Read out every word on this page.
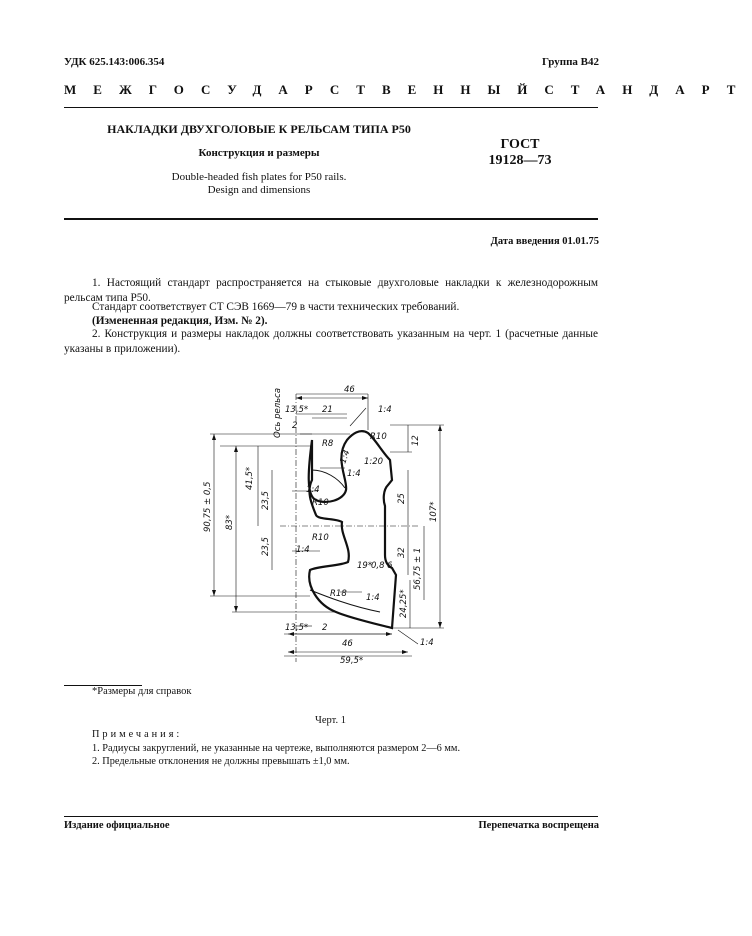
УДК 625.143:006.354	Группа В42
МЕЖГОСУДАРСТВЕННЫЙ СТАНДАРТ
НАКЛАДКИ ДВУХГОЛОВЫЕ К РЕЛЬСАМ ТИПА Р50
Конструкция и размеры
Double-headed fish plates for P50 rails.
Design and dimensions
ГОСТ
19128—73
Дата введения 01.01.75
1. Настоящий стандарт распространяется на стыковые двухголовые накладки к железнодорожным рельсам типа Р50.
Стандарт соответствует СТ СЭВ 1669—79 в части технических требований.
(Измененная редакция, Изм. № 2).
2. Конструкция и размеры накладок должны соответствовать указанным на черт. 1 (расчетные данные указаны в приложении).
46
21
13,5*
2
1:4
Ось рельса	R10
R8
1:4 1:20
12
1:4
41,5*	1:4
R10
23,5	25
90,75 ± 0,5 83*
107*
R10
1:4
23,5	32
19*
0,8 6 56,75 ± 1
R18 1:4 24,25*
13,5* 2
46	1:4
59,5*
*Размеры для справок
Черт. 1
Примечания:
1. Радиусы закруглений, не указанные на чертеже, выполняются размером 2—6 мм.
2. Предельные отклонения не должны превышать ±1,0 мм.
Издание официальное	Перепечатка воспрещена
